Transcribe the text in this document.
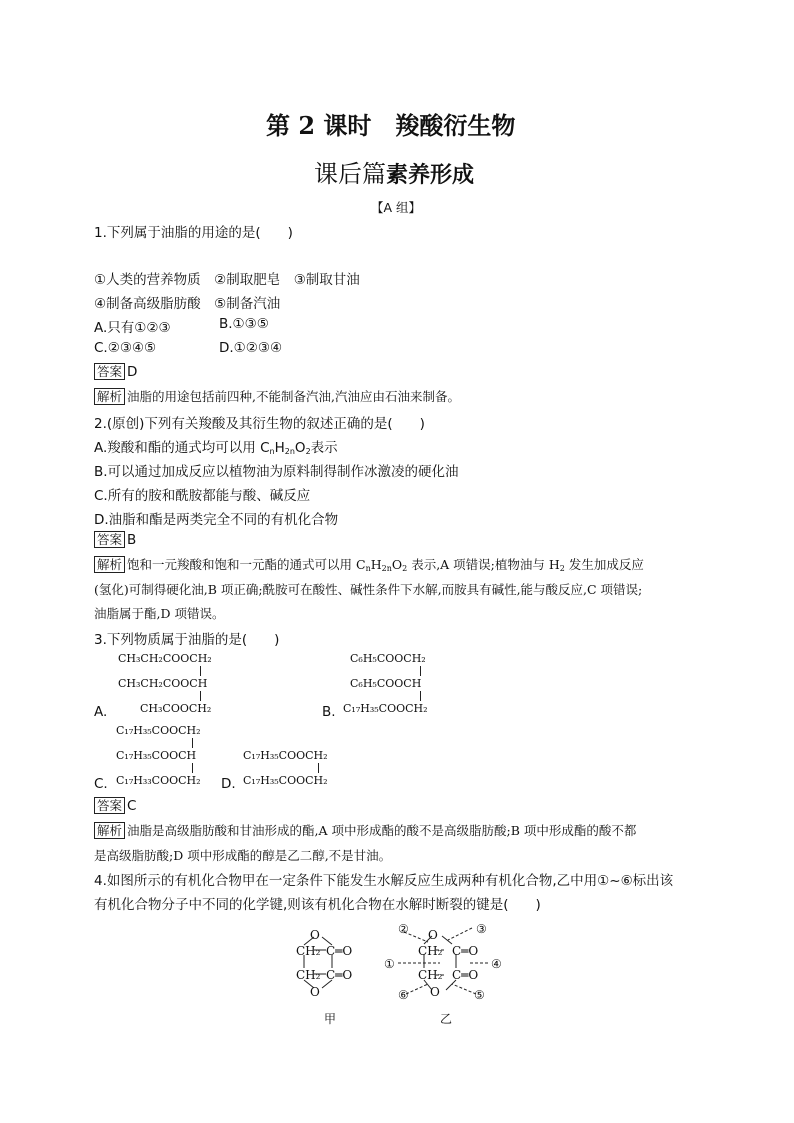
第 2 课时　羧酸衍生物
课后篇素养形成
【A 组】
1.下列属于油脂的用途的是(　　)
①人类的营养物质　②制取肥皂　③制取甘油
④制备高级脂肪酸　⑤制备汽油
A.只有①②③	B.①③⑤
C.②③④⑤	D.①②③④
答案 D
解析 油脂的用途包括前四种,不能制备汽油,汽油应由石油来制备。
2.(原创)下列有关羧酸及其衍生物的叙述正确的是(　　)
A.羧酸和酯的通式均可以用 $C_nH_{2n}O_2$表示
B.可以通过加成反应以植物油为原料制得制作冰激凌的硬化油
C.所有的胺和酰胺都能与酸、碱反应
D.油脂和酯是两类完全不同的有机化合物
答案 B
解析 饱和一元羧酸和饱和一元酯的通式可以用 $C_nH_{2n}O_2$ 表示,A 项错误;植物油与 $H_2$ 发生加成反应
(氢化)可制得硬化油,B 项正确;酰胺可在酸性、碱性条件下水解,而胺具有碱性,能与酸反应,C 项错误;
油脂属于酯,D 项错误。
3.下列物质属于油脂的是(　　)
CH₃CH₂COOCH₂
CH₃CH₂COOCH
CH₃COOCH₂
A.
C₆H₅COOCH₂
C₆H₅COOCH
C₁₇H₃₅COOCH₂
B.
C₁₇H₃₅COOCH₂
C₁₇H₃₅COOCH
C₁₇H₃₃COOCH₂
C.
C₁₇H₃₅COOCH₂
C₁₇H₃₅COOCH₂
D.
答案 C
解析 油脂是高级脂肪酸和甘油形成的酯,A 项中形成酯的酸不是高级脂肪酸;B 项中形成酯的酸不都
是高级脂肪酸;D 项中形成酯的醇是乙二醇,不是甘油。
4.如图所示的有机化合物甲在一定条件下能发生水解反应生成两种有机化合物,乙中用①~⑥标出该
有机化合物分子中不同的化学键,则该有机化合物在水解时断裂的键是(　　)
O
CH₂ C═O
CH₂ C═O
O
甲
② O	③
CH₂ C═O
①	④
CH₂ C═O
⑥ O	⑤
乙
